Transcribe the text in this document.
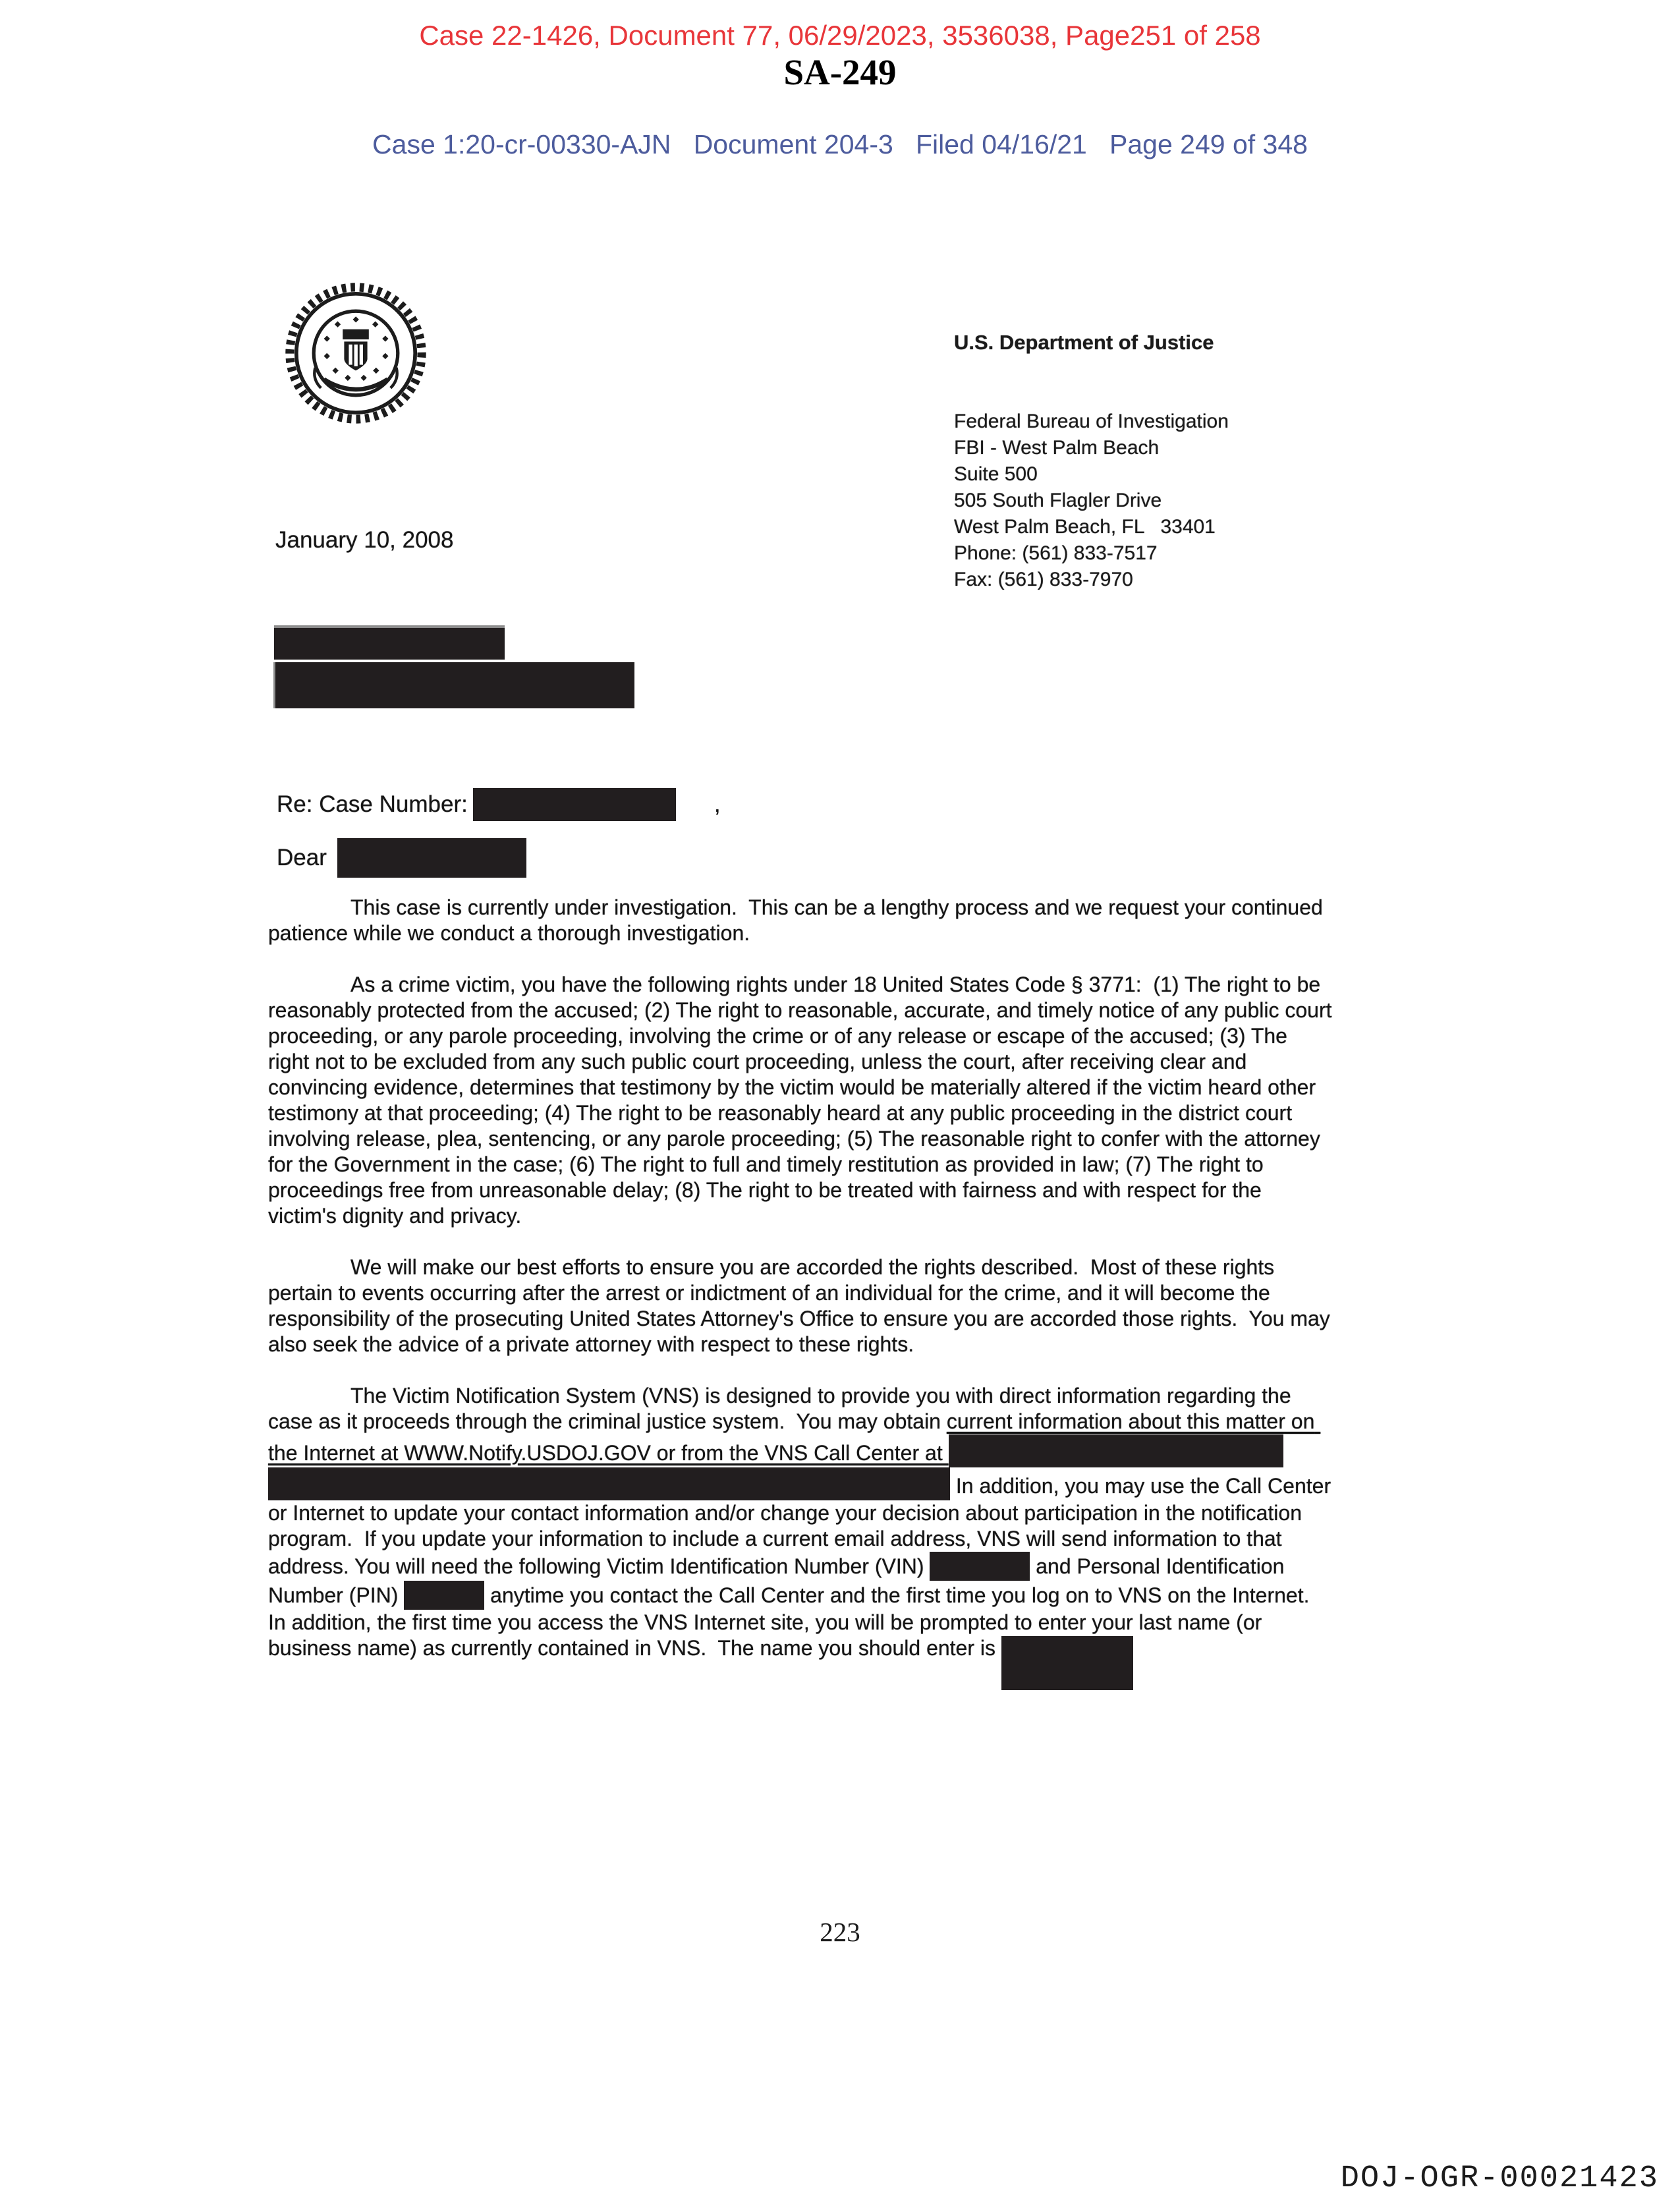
Case 22-1426, Document 77, 06/29/2023, 3536038, Page251 of 258
SA-249
Case 1:20-cr-00330-AJN   Document 204-3   Filed 04/16/21   Page 249 of 348

U.S. Department of Justice

Federal Bureau of Investigation
FBI - West Palm Beach
Suite 500
505 South Flagler Drive
West Palm Beach, FL   33401
Phone: (561) 833-7517
Fax: (561) 833-7970

January 10, 2008
Re: Case Number:	,
Dear

This case is currently under investigation.  This can be a lengthy process and we request your continued patience while we conduct a thorough investigation.

As a crime victim, you have the following rights under 18 United States Code § 3771:  (1) The right to be reasonably protected from the accused; (2) The right to reasonable, accurate, and timely notice of any public court proceeding, or any parole proceeding, involving the crime or of any release or escape of the accused; (3) The right not to be excluded from any such public court proceeding, unless the court, after receiving clear and convincing evidence, determines that testimony by the victim would be materially altered if the victim heard other testimony at that proceeding; (4) The right to be reasonably heard at any public proceeding in the district court involving release, plea, sentencing, or any parole proceeding; (5) The reasonable right to confer with the attorney for the Government in the case; (6) The right to full and timely restitution as provided in law; (7) The right to proceedings free from unreasonable delay; (8) The right to be treated with fairness and with respect for the victim's dignity and privacy.

We will make our best efforts to ensure you are accorded the rights described.  Most of these rights pertain to events occurring after the arrest or indictment of an individual for the crime, and it will become the responsibility of the prosecuting United States Attorney's Office to ensure you are accorded those rights.  You may also seek the advice of a private attorney with respect to these rights.

The Victim Notification System (VNS) is designed to provide you with direct information regarding the case as it proceeds through the criminal justice system.  You may obtain current information about this matter on the Internet at WWW.Notify.USDOJ.GOV or from the VNS Call Center at   In addition, you may use the Call Center or Internet to update your contact information and/or change your decision about participation in the notification program.  If you update your information to include a current email address, VNS will send information to that address. You will need the following Victim Identification Number (VIN)	and Personal Identification Number (PIN)	anytime you contact the Call Center and the first time you log on to VNS on the Internet.  In addition, the first time you access the VNS Internet site, you will be prompted to enter your last name (or business name) as currently contained in VNS.  The name you should enter is

223
DOJ-OGR-00021423
